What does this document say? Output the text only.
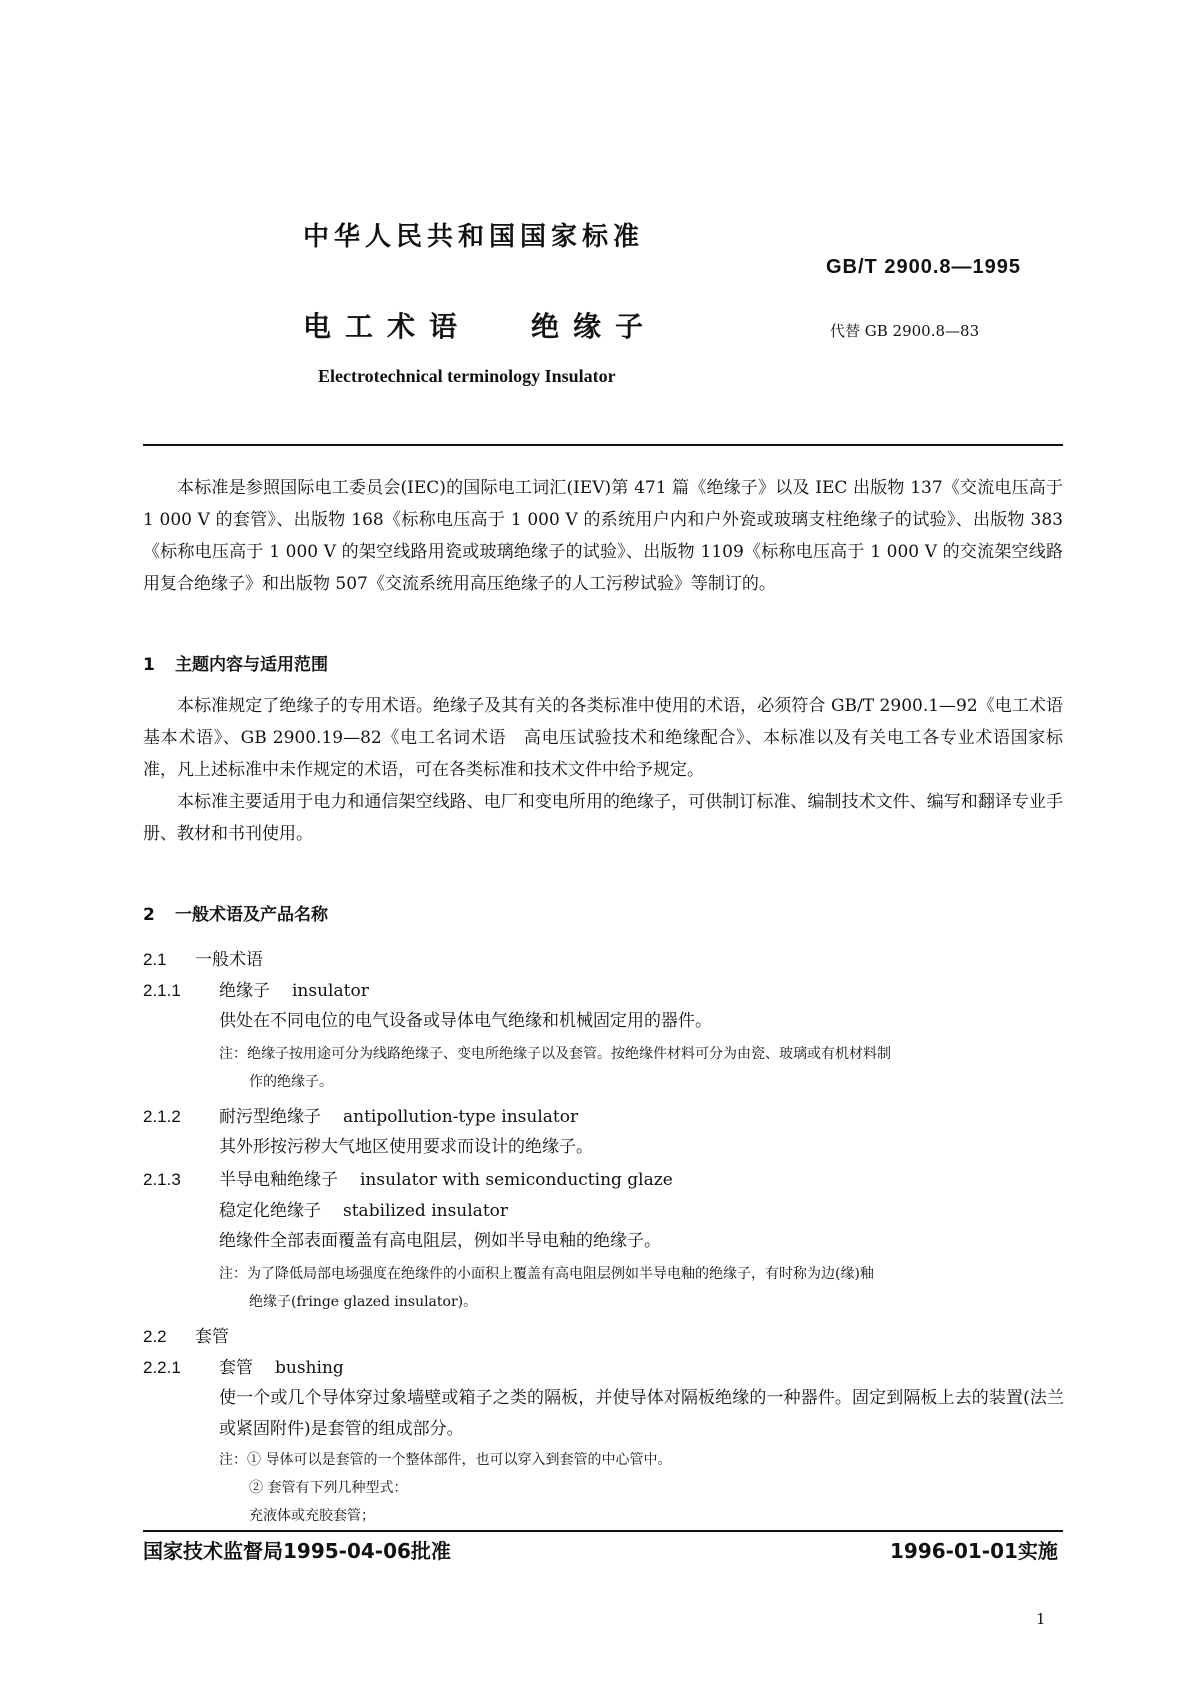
中华人民共和国国家标准
GB/T 2900.8—1995
电工术语 绝缘子	代替 GB 2900.8—83
Electrotechnical terminology Insulator

本标准是参照国际电工委员会(IEC)的国际电工词汇(IEV)第 471 篇《绝缘子》以及 IEC 出版物 137《交流电压高于 1 000 V 的套管》、出版物 168《标称电压高于 1 000 V 的系统用户内和户外瓷或玻璃支柱绝缘子的试验》、出版物 383《标称电压高于 1 000 V 的架空线路用瓷或玻璃绝缘子的试验》、出版物 1109《标称电压高于 1 000 V 的交流架空线路用复合绝缘子》和出版物 507《交流系统用高压绝缘子的人工污秽试验》等制订的。

1 主题内容与适用范围

本标准规定了绝缘子的专用术语。绝缘子及其有关的各类标准中使用的术语，必须符合 GB/T 2900.1—92《电工术语　基本术语》、GB 2900.19—82《电工名词术语　高电压试验技术和绝缘配合》、本标准以及有关电工各专业术语国家标准，凡上述标准中未作规定的术语，可在各类标准和技术文件中给予规定。

本标准主要适用于电力和通信架空线路、电厂和变电所用的绝缘子，可供制订标准、编制技术文件、编写和翻译专业手册、教材和书刊使用。

2 一般术语及产品名称
2.1 一般术语
2.1.1 绝缘子 insulator
供处在不同电位的电气设备或导体电气绝缘和机械固定用的器件。
注：绝缘子按用途可分为线路绝缘子、变电所绝缘子以及套管。按绝缘件材料可分为由瓷、玻璃或有机材料制
作的绝缘子。
2.1.2 耐污型绝缘子 antipollution-type insulator
其外形按污秽大气地区使用要求而设计的绝缘子。
2.1.3 半导电釉绝缘子 insulator with semiconducting glaze
稳定化绝缘子 stabilized insulator
绝缘件全部表面覆盖有高电阻层，例如半导电釉的绝缘子。
注：为了降低局部电场强度在绝缘件的小面积上覆盖有高电阻层例如半导电釉的绝缘子，有时称为边(缘)釉
绝缘子(fringe glazed insulator)。
2.2 套管
2.2.1 套管 bushing
使一个或几个导体穿过象墙壁或箱子之类的隔板，并使导体对隔板绝缘的一种器件。固定到隔板上去的装置(法兰或紧固附件)是套管的组成部分。
注：① 导体可以是套管的一个整体部件，也可以穿入到套管的中心管中。
② 套管有下列几种型式：
充液体或充胶套管；
国家技术监督局1995-04-06批准	1996-01-01实施
1
